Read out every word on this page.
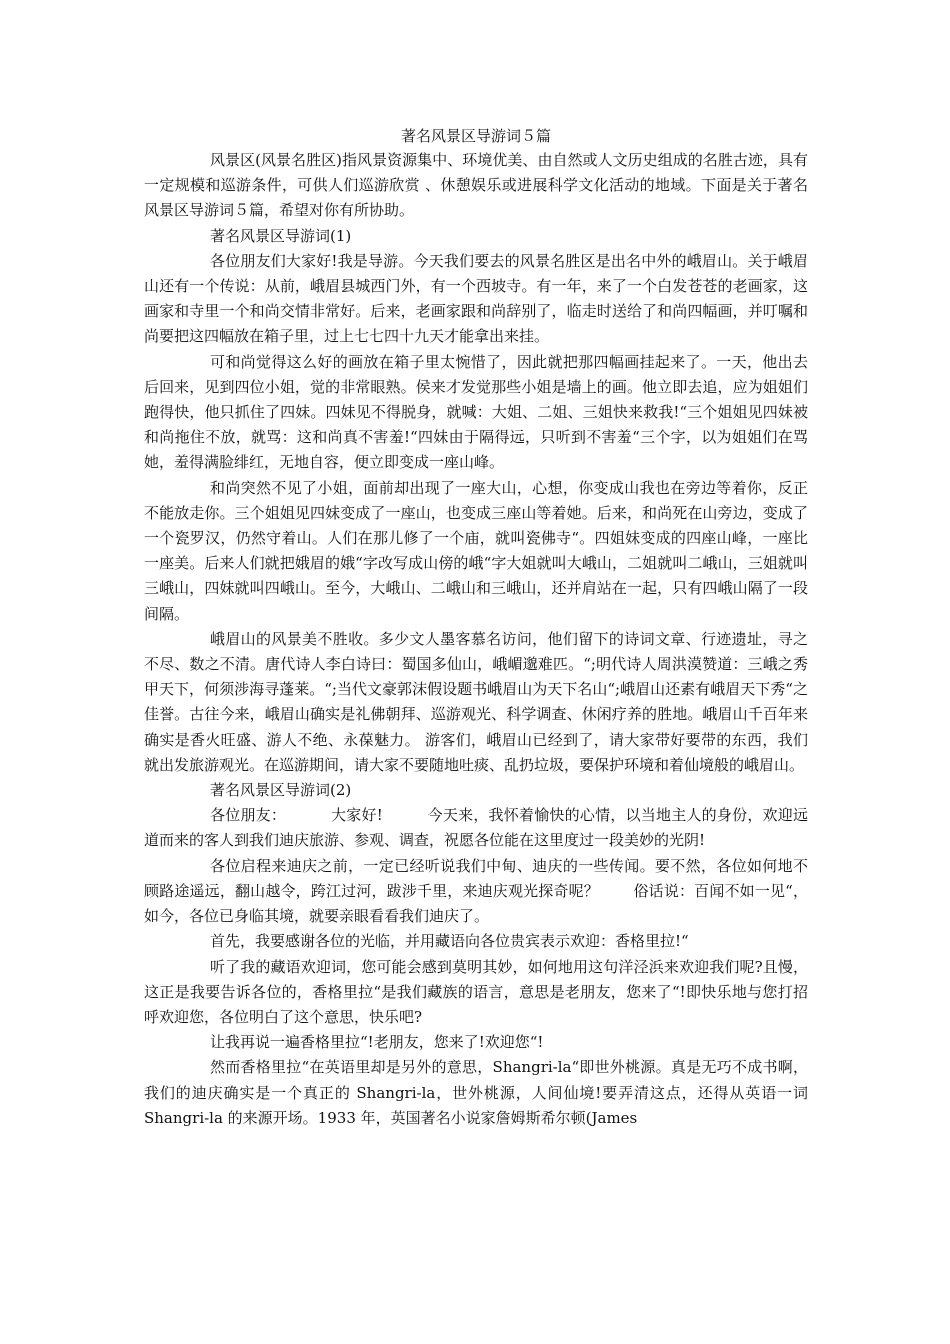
著名风景区导游词５篇

风景区(风景名胜区)指风景资源集中、环境优美、由自然或人文历史组成的名胜古迹，具有一定规模和巡游条件，可供人们巡游欣赏 、休憩娱乐或进展科学文化活动的地域。下面是关于著名风景区导游词５篇，希望对你有所协助。

著名风景区导游词(1)

各位朋友们大家好!我是导游。今天我们要去的风景名胜区是出名中外的峨眉山。关于峨眉山还有一个传说：从前，峨眉县城西门外，有一个西坡寺。有一年，来了一个白发苍苍的老画家，这画家和寺里一个和尚交情非常好。后来，老画家跟和尚辞别了，临走时送给了和尚四幅画，并叮嘱和尚要把这四幅放在箱子里，过上七七四十九天才能拿出来挂。

可和尚觉得这么好的画放在箱子里太惋惜了，因此就把那四幅画挂起来了。一天，他出去后回来，见到四位小姐，觉的非常眼熟。侯来才发觉那些小姐是墙上的画。他立即去追，应为姐姐们跑得快，他只抓住了四妹。四妹见不得脱身，就喊：大姐、二姐、三姐快来救我!“三个姐姐见四妹被和尚拖住不放，就骂：这和尚真不害羞!“四妹由于隔得远，只听到不害羞“三个字，以为姐姐们在骂她，羞得满脸绯红，无地自容，便立即变成一座山峰。

和尚突然不见了小姐，面前却出现了一座大山，心想，你变成山我也在旁边等着你，反正不能放走你。三个姐姐见四妹变成了一座山，也变成三座山等着她。后来，和尚死在山旁边，变成了一个瓷罗汉，仍然守着山。人们在那儿修了一个庙，就叫瓷佛寺“。四姐妹变成的四座山峰，一座比一座美。后来人们就把娥眉的娥“字改写成山傍的峨“字大姐就叫大峨山，二姐就叫二峨山，三姐就叫三峨山，四妹就叫四峨山。至今，大峨山、二峨山和三峨山，还并肩站在一起，只有四峨山隔了一段间隔。

峨眉山的风景美不胜收。多少文人墨客慕名访问，他们留下的诗词文章、行迹遗址，寻之不尽、数之不清。唐代诗人李白诗曰：蜀国多仙山，峨嵋邈难匹。“;明代诗人周洪漠赞道：三峨之秀甲天下，何须涉海寻蓬莱。“;当代文豪郭沫假设题书峨眉山为天下名山“;峨眉山还素有峨眉天下秀“之佳誉。古往今来，峨眉山确实是礼佛朝拜、巡游观光、科学调查、休闲疗养的胜地。峨眉山千百年来确实是香火旺盛、游人不绝、永葆魅力。 游客们，峨眉山已经到了，请大家带好要带的东西，我们就出发旅游观光。在巡游期间，请大家不要随地吐痰、乱扔垃圾，要保护环境和着仙境般的峨眉山。

著名风景区导游词(2)

各位朋友：         大家好!         今天来，我怀着愉快的心情，以当地主人的身份，欢迎远道而来的客人到我们迪庆旅游、参观、调查，祝愿各位能在这里度过一段美妙的光阴!

各位启程来迪庆之前，一定已经听说我们中甸、迪庆的一些传闻。要不然，各位如何地不顾路途遥远，翻山越令，跨江过河，跋涉千里，来迪庆观光探奇呢？       俗话说：百闻不如一见“，如今，各位已身临其境，就要亲眼看看我们迪庆了。

首先，我要感谢各位的光临，并用藏语向各位贵宾表示欢迎：香格里拉!“

听了我的藏语欢迎词，您可能会感到莫明其妙，如何地用这句洋泾浜来欢迎我们呢?且慢，这正是我要告诉各位的，香格里拉“是我们藏族的语言，意思是老朋友，您来了“!即快乐地与您打招呼欢迎您，各位明白了这个意思，快乐吧?

让我再说一遍香格里拉“!老朋友，您来了!欢迎您“!

然而香格里拉“在英语里却是另外的意思，Shangri-la“即世外桃源。真是无巧不成书啊，我们的迪庆确实是一个真正的 Shangri-la，世外桃源，人间仙境!要弄清这点，还得从英语一词 Shangri-la 的来源开场。1933 年，英国著名小说家詹姆斯希尔顿(James
